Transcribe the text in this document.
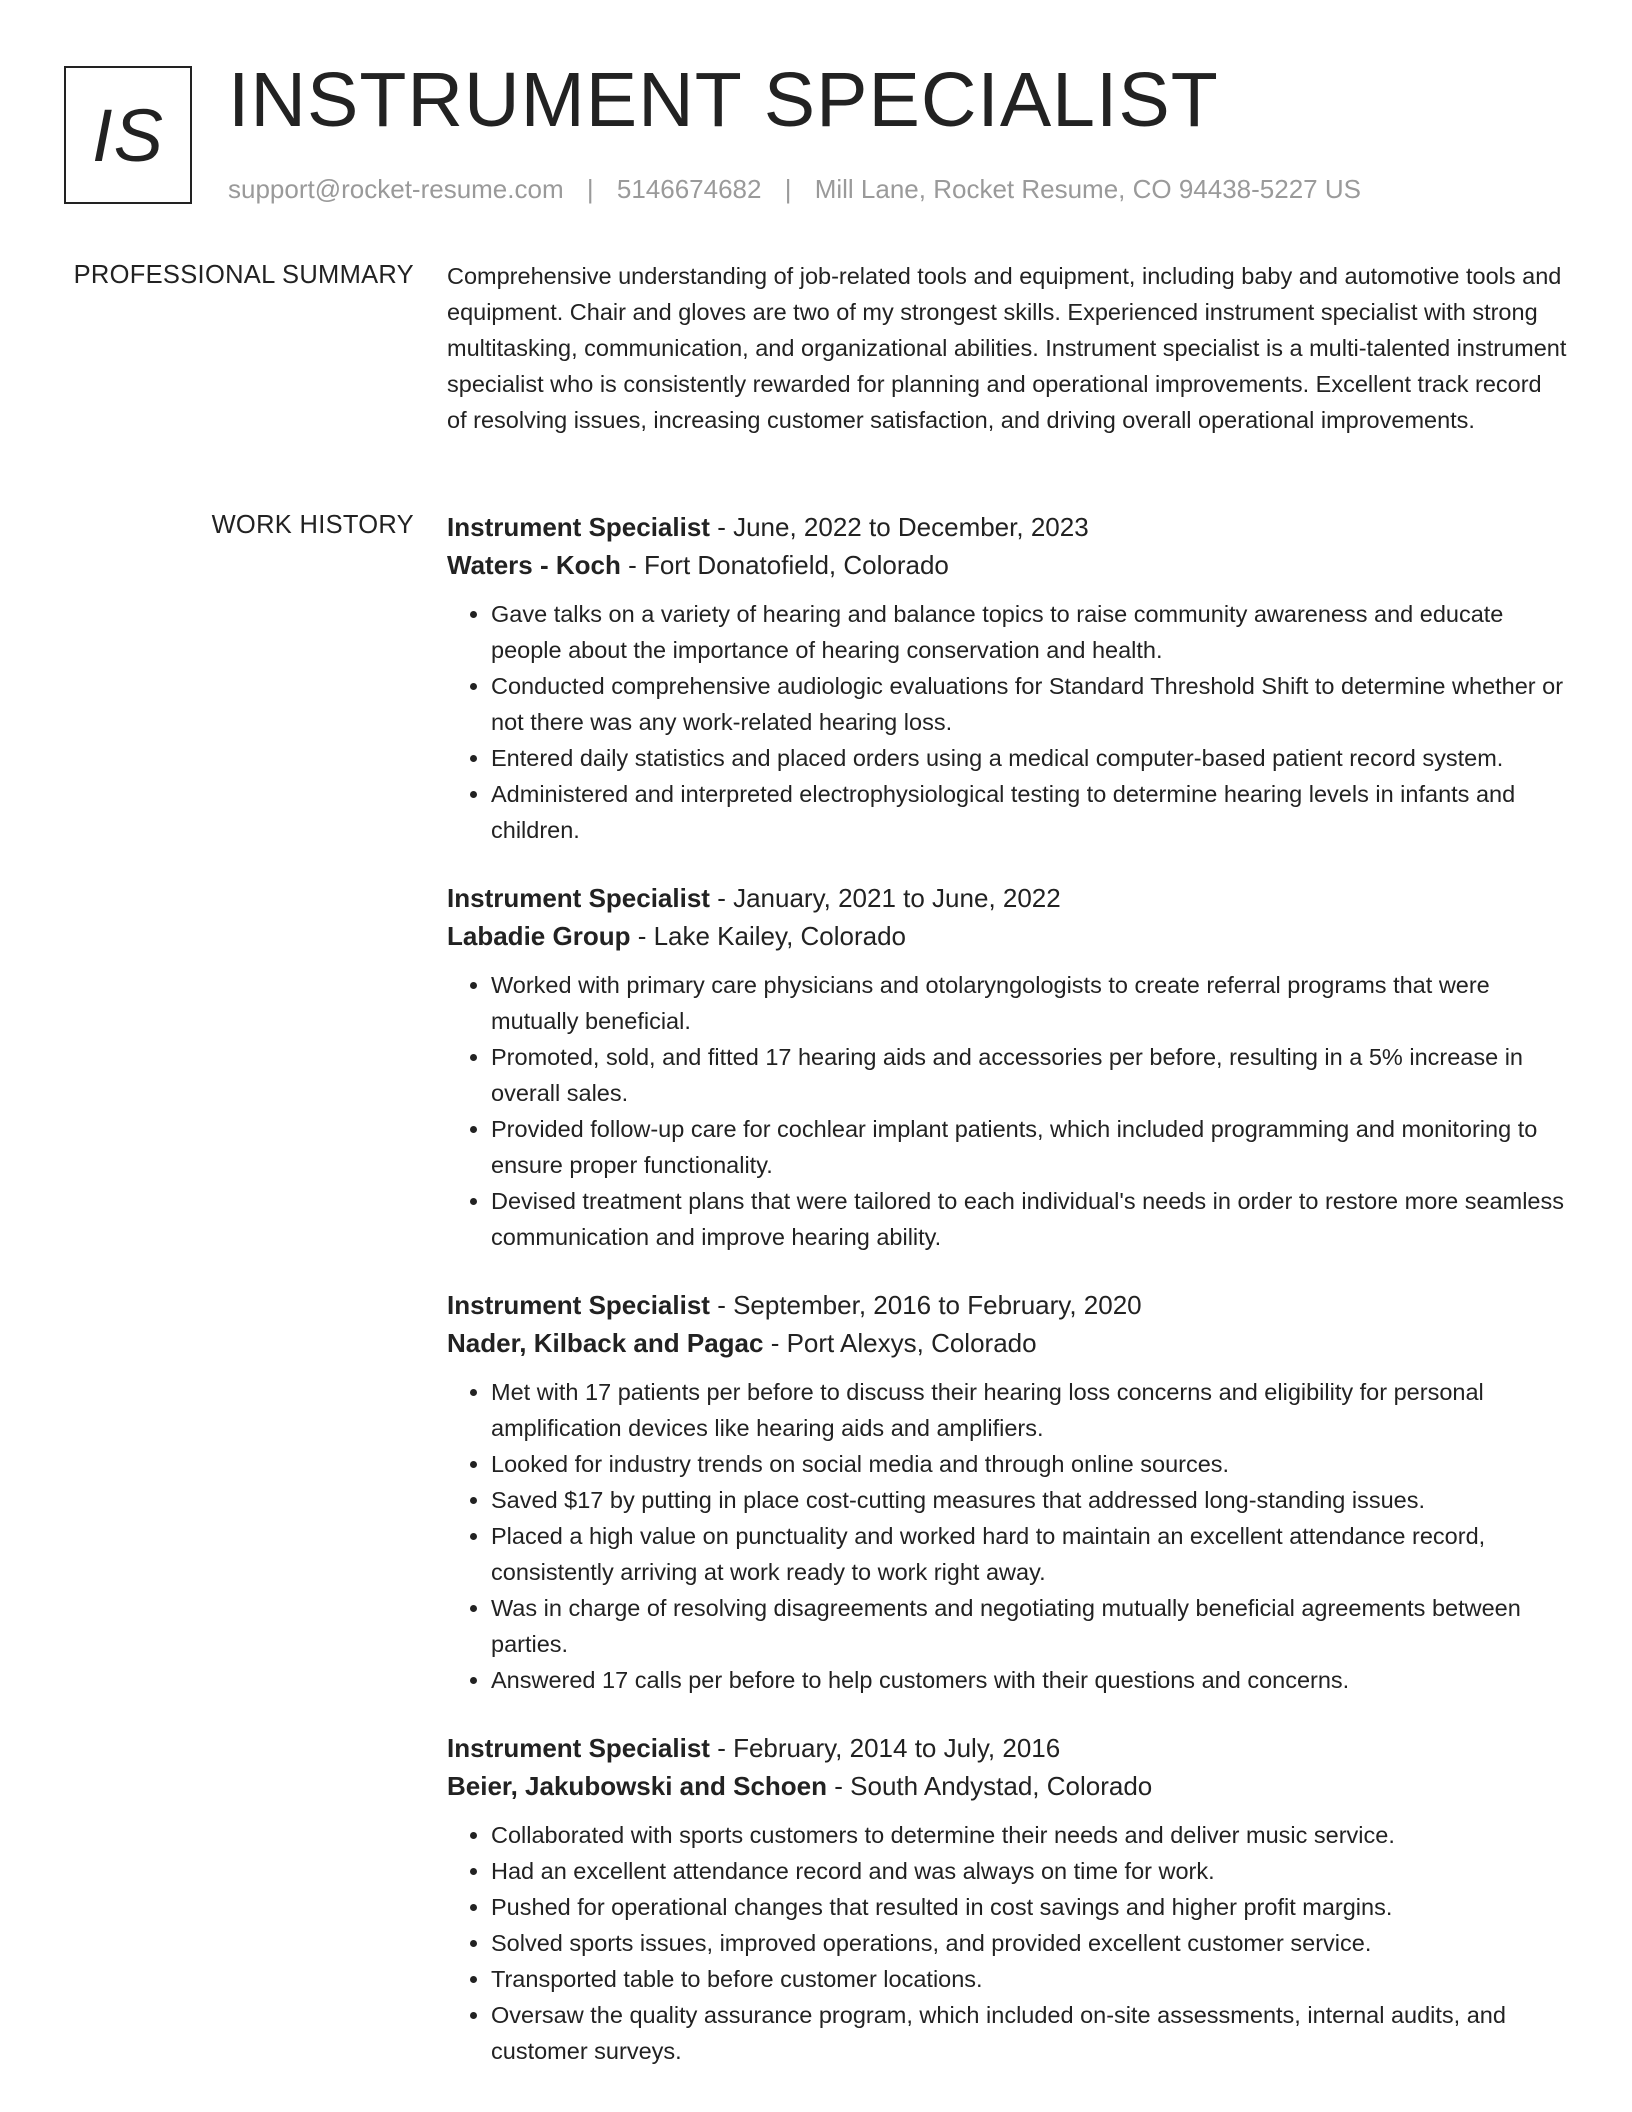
IS INSTRUMENT SPECIALIST
support@rocket-resume.com | 5146674682 | Mill Lane, Rocket Resume, CO 94438-5227 US
PROFESSIONAL SUMMARY Comprehensive understanding of job-related tools and equipment, including baby and automotive tools and equipment. Chair and gloves are two of my strongest skills. Experienced instrument specialist with strong multitasking, communication, and organizational abilities. Instrument specialist is a multi-talented instrument specialist who is consistently rewarded for planning and operational improvements. Excellent track record of resolving issues, increasing customer satisfaction, and driving overall operational improvements.

WORK HISTORY Instrument Specialist - June, 2022 to December, 2023
Waters - Koch - Fort Donatofield, Colorado
• Gave talks on a variety of hearing and balance topics to raise community awareness and educate people about the importance of hearing conservation and health.
• Conducted comprehensive audiologic evaluations for Standard Threshold Shift to determine whether or not there was any work-related hearing loss.
• Entered daily statistics and placed orders using a medical computer-based patient record system.
• Administered and interpreted electrophysiological testing to determine hearing levels in infants and children.
Instrument Specialist - January, 2021 to June, 2022
Labadie Group - Lake Kailey, Colorado
• Worked with primary care physicians and otolaryngologists to create referral programs that were mutually beneficial.
• Promoted, sold, and fitted 17 hearing aids and accessories per before, resulting in a 5% increase in overall sales.
• Provided follow-up care for cochlear implant patients, which included programming and monitoring to ensure proper functionality.
• Devised treatment plans that were tailored to each individual's needs in order to restore more seamless communication and improve hearing ability.
Instrument Specialist - September, 2016 to February, 2020
Nader, Kilback and Pagac - Port Alexys, Colorado
• Met with 17 patients per before to discuss their hearing loss concerns and eligibility for personal amplification devices like hearing aids and amplifiers.
• Looked for industry trends on social media and through online sources.
• Saved $17 by putting in place cost-cutting measures that addressed long-standing issues.
• Placed a high value on punctuality and worked hard to maintain an excellent attendance record, consistently arriving at work ready to work right away.
• Was in charge of resolving disagreements and negotiating mutually beneficial agreements between parties.
• Answered 17 calls per before to help customers with their questions and concerns.
Instrument Specialist - February, 2014 to July, 2016
Beier, Jakubowski and Schoen - South Andystad, Colorado
• Collaborated with sports customers to determine their needs and deliver music service.
• Had an excellent attendance record and was always on time for work.
• Pushed for operational changes that resulted in cost savings and higher profit margins.
• Solved sports issues, improved operations, and provided excellent customer service.
• Transported table to before customer locations.
• Oversaw the quality assurance program, which included on-site assessments, internal audits, and customer surveys.
